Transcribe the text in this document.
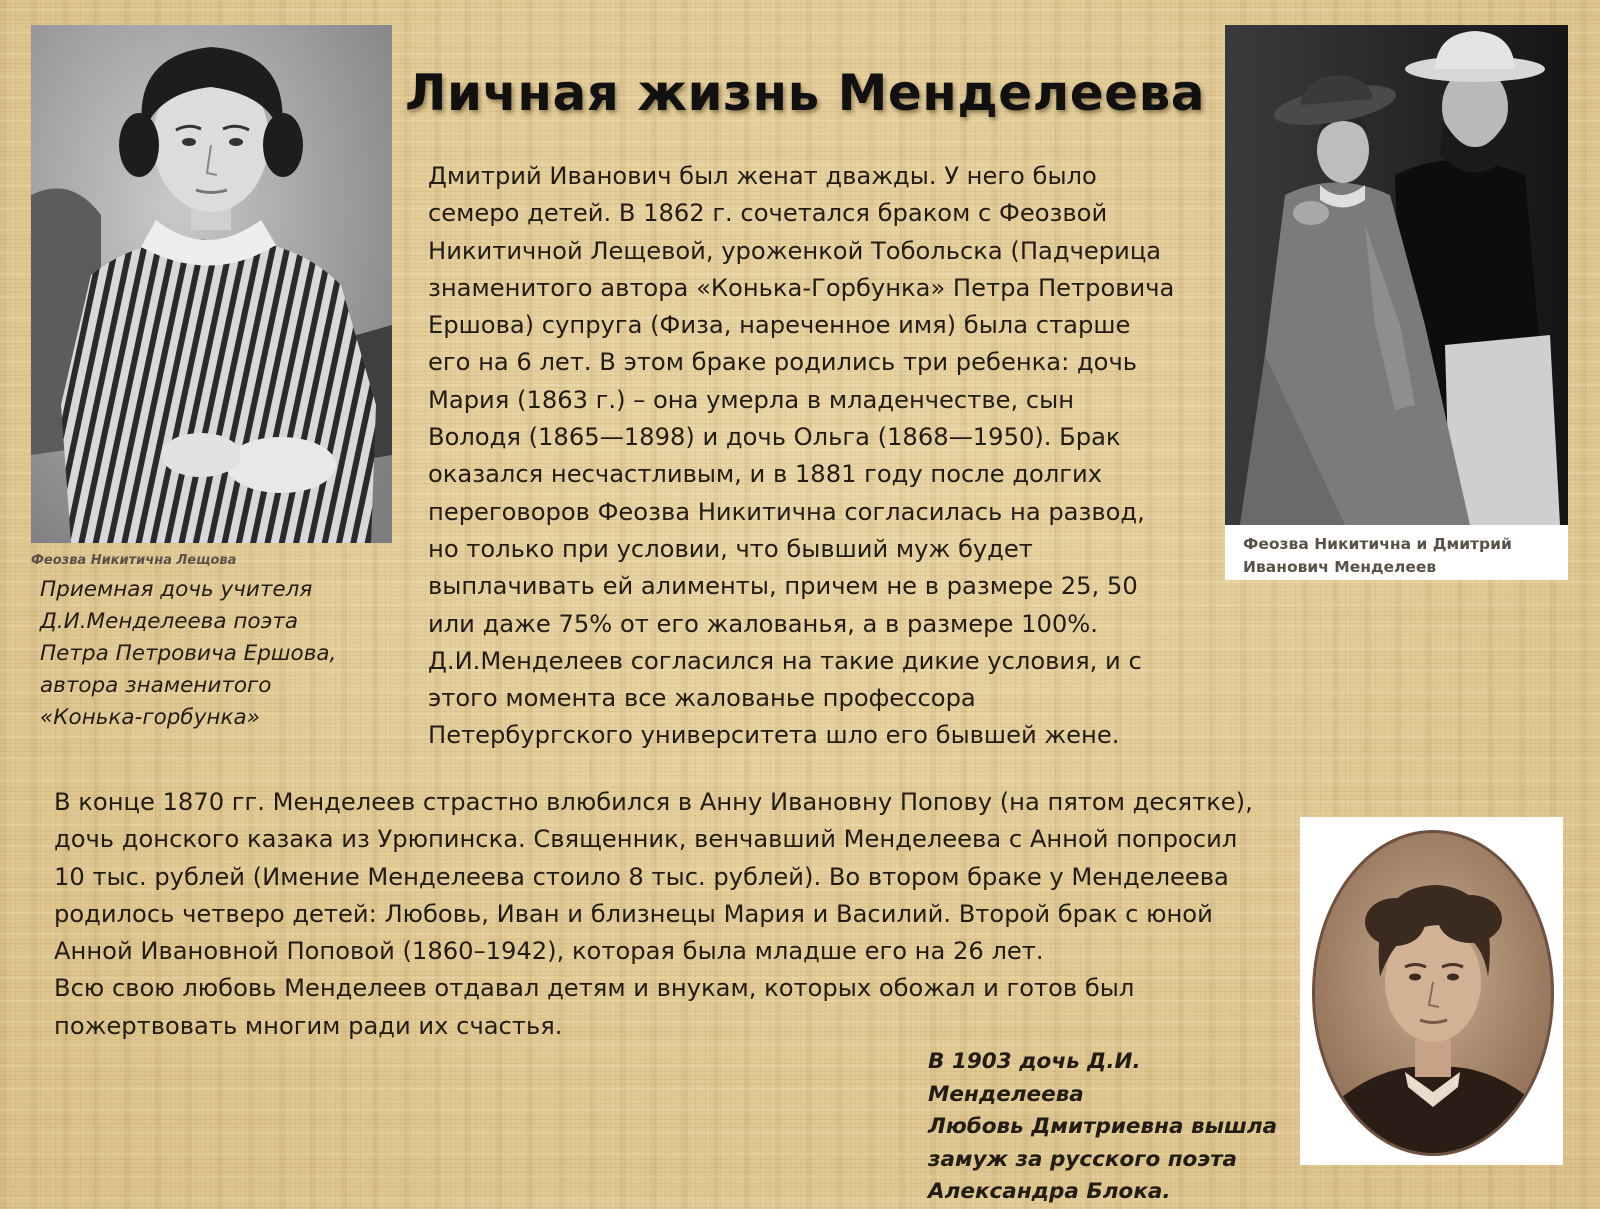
Личная жизнь Менделеева
Феозва Никитична Лещова

Приемная дочь учителя
Д.И.Менделеева поэта
Петра Петровича Ершова,
автора знаменитого
«Конька-горбунка»

Дмитрий Иванович был женат дважды. У него было
семеро детей. В 1862 г. сочетался браком с Феозвой
Никитичной Лещевой, уроженкой Тобольска (Падчерица
знаменитого автора «Конька-Горбунка» Петра Петровича
Ершова) супруга (Физа, нареченное имя) была старше
его на 6 лет. В этом браке родились три ребенка: дочь
Мария (1863 г.) – она умерла в младенчестве, сын
Володя (1865—1898) и дочь Ольга (1868—1950). Брак
оказался несчастливым, и в 1881 году после долгих
переговоров Феозва Никитична согласилась на развод,
но только при условии, что бывший муж будет
выплачивать ей алименты, причем не в размере 25, 50
или даже 75% от его жалованья, а в размере 100%.
Д.И.Менделеев согласился на такие дикие условия, и с
этого момента все жалованье профессора
Петербургского университета шло его бывшей жене.

Феозва Никитична и Дмитрий
Иванович Менделеев

В конце 1870 гг. Менделеев страстно влюбился в Анну Ивановну Попову (на пятом десятке),
дочь донского казака из Урюпинска. Священник, венчавший Менделеева с Анной попросил
10 тыс. рублей (Имение Менделеева стоило 8 тыс. рублей). Во втором браке у Менделеева
родилось четверо детей: Любовь, Иван и близнецы Мария и Василий. Второй брак с юной
Анной Ивановной Поповой (1860–1942), которая была младше его на 26 лет.
Всю свою любовь Менделеев отдавал детям и внукам, которых обожал и готов был
пожертвовать многим ради их счастья.

В 1903 дочь Д.И. Менделеева
Любовь Дмитриевна вышла
замуж за русского поэта
Александра Блока.
